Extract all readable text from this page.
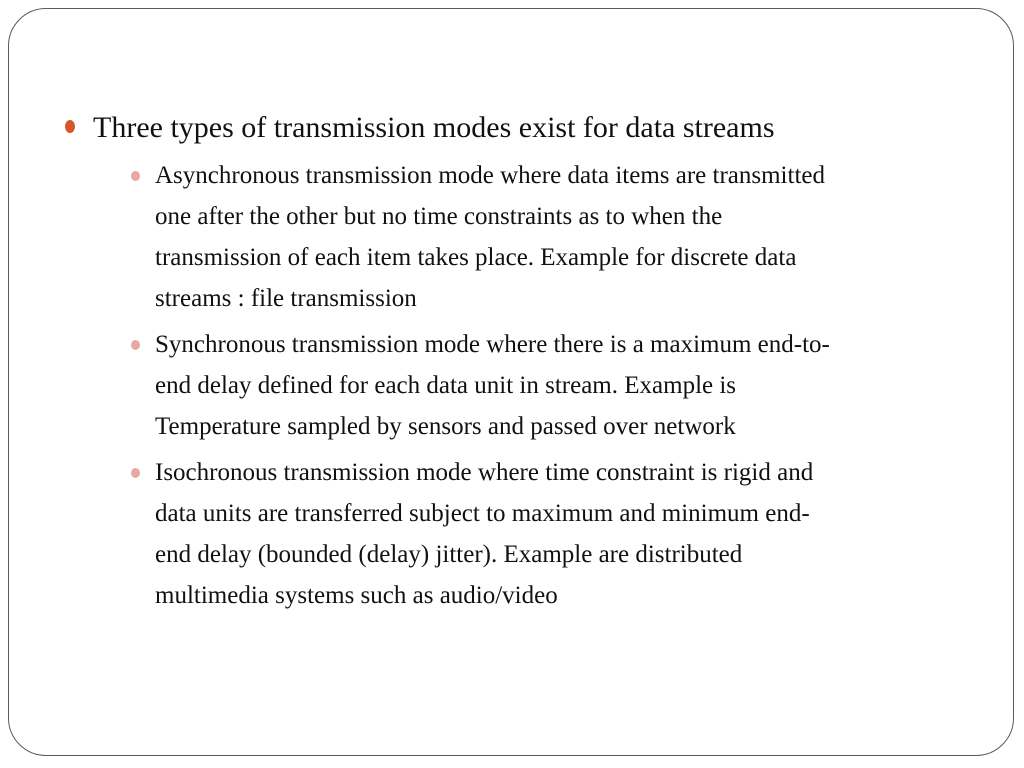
Three types of transmission modes exist for data streams
Asynchronous transmission mode where data items are transmitted
one after the other but no time constraints as to when the
transmission of each item takes place. Example for discrete data
streams : file transmission
Synchronous transmission mode where there is a maximum end-to-
end delay defined for each data unit in stream. Example is
Temperature sampled by sensors and passed over network
Isochronous transmission mode where time constraint is rigid and
data units are transferred subject to maximum and minimum end-
end delay (bounded (delay) jitter). Example are distributed
multimedia systems such as audio/video
